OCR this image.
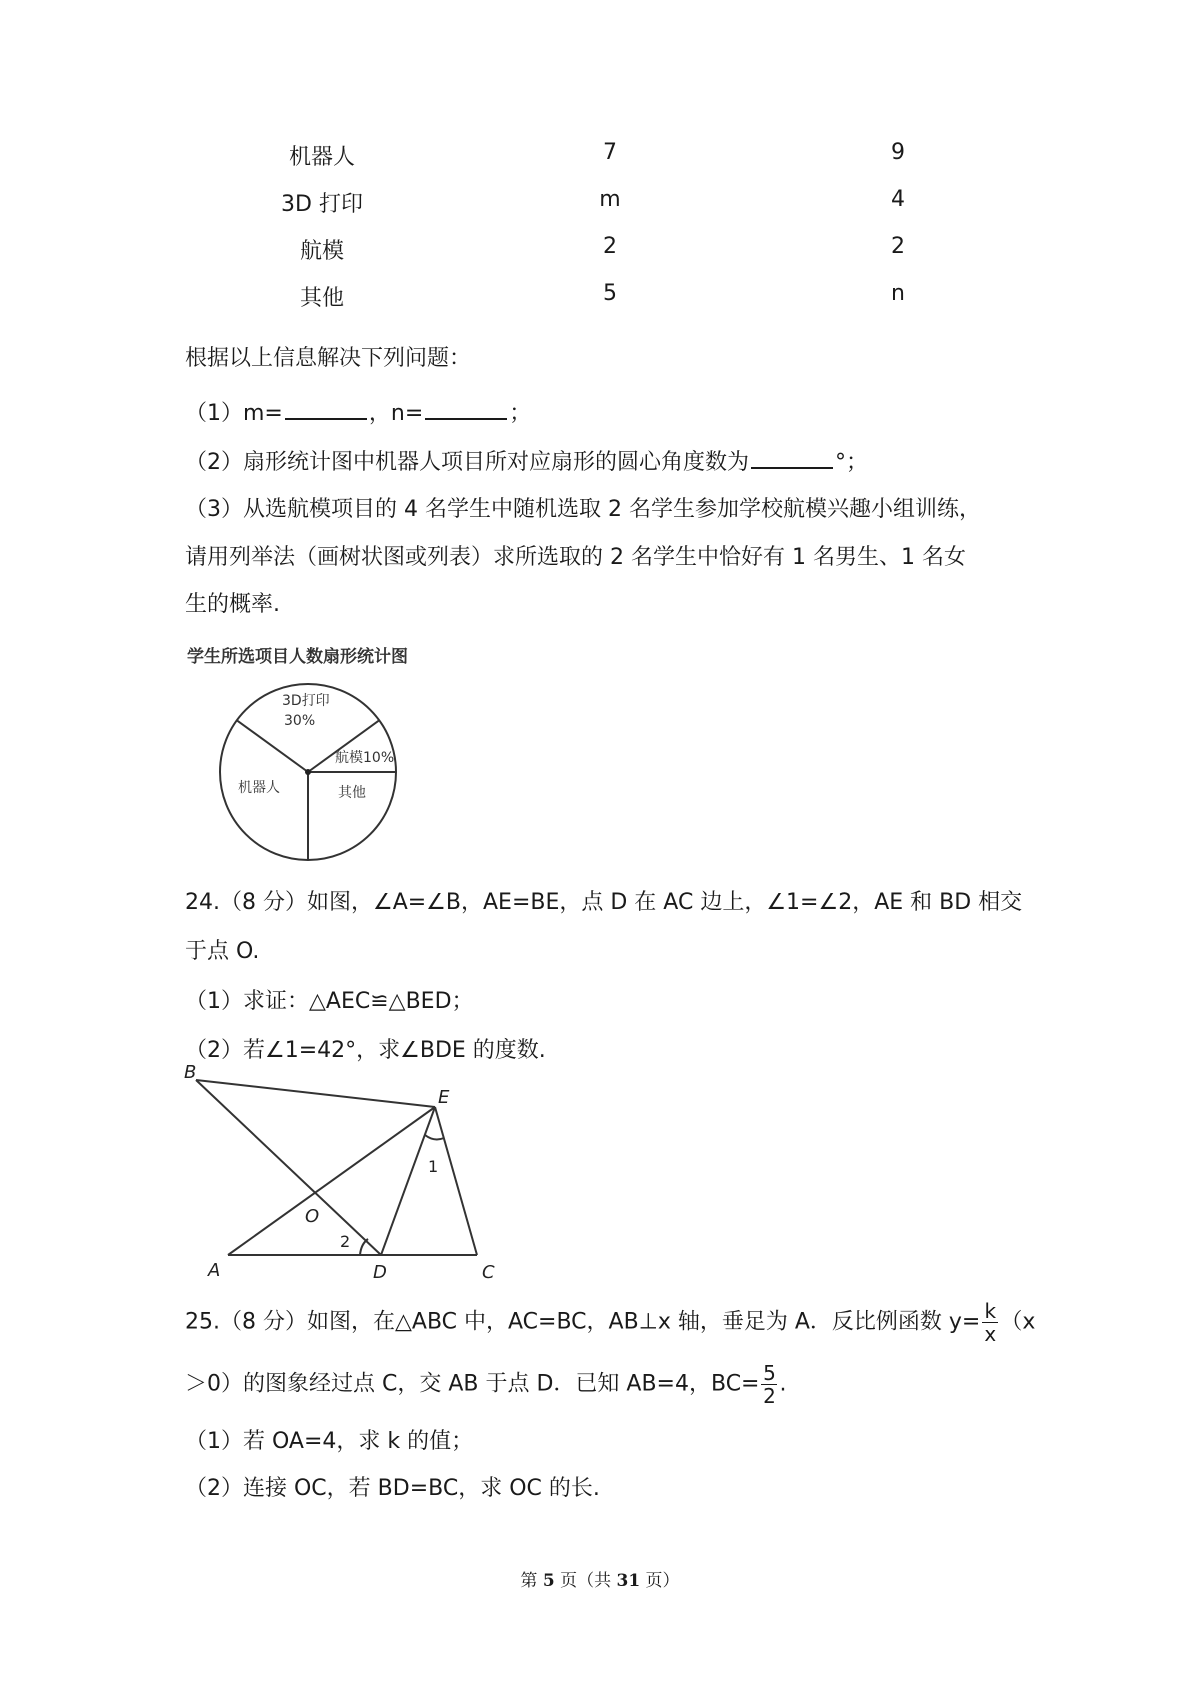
机器人	7	9
3D 打印	m	4
航模	2	2
其他	5	n
根据以上信息解决下列问题：
（1）m=	，n=	；
（2）扇形统计图中机器人项目所对应扇形的圆心角度数为	°；
（3）从选航模项目的 4 名学生中随机选取 2 名学生参加学校航模兴趣小组训练，
请用列举法（画树状图或列表）求所选取的 2 名学生中恰好有 1 名男生、1 名女
生的概率.
学生所选项目人数扇形统计图
3D打印
30%
航模10%
其他
机器人
24.（8 分）如图，∠A=∠B，AE=BE，点 D 在 AC 边上，∠1=∠2，AE 和 BD 相交
于点 O.
（1）求证：△AEC≌△BED；
（2）若∠1=42°，求∠BDE 的度数.
B
E
O
A	D	C
1
2
25.（8 分）如图，在△ABC 中，AC=BC，AB⊥x 轴，垂足为 A．反比例函数 $y= \frac{k}{x} (x$
＞0）的图象经过点 C，交 AB 于点 D．已知 AB=4，$BC= \frac{5}{2}$ .
（1）若 OA=4，求 k 的值；
（2）连接 OC，若 BD=BC，求 OC 的长.
第 5 页（共 31 页）
